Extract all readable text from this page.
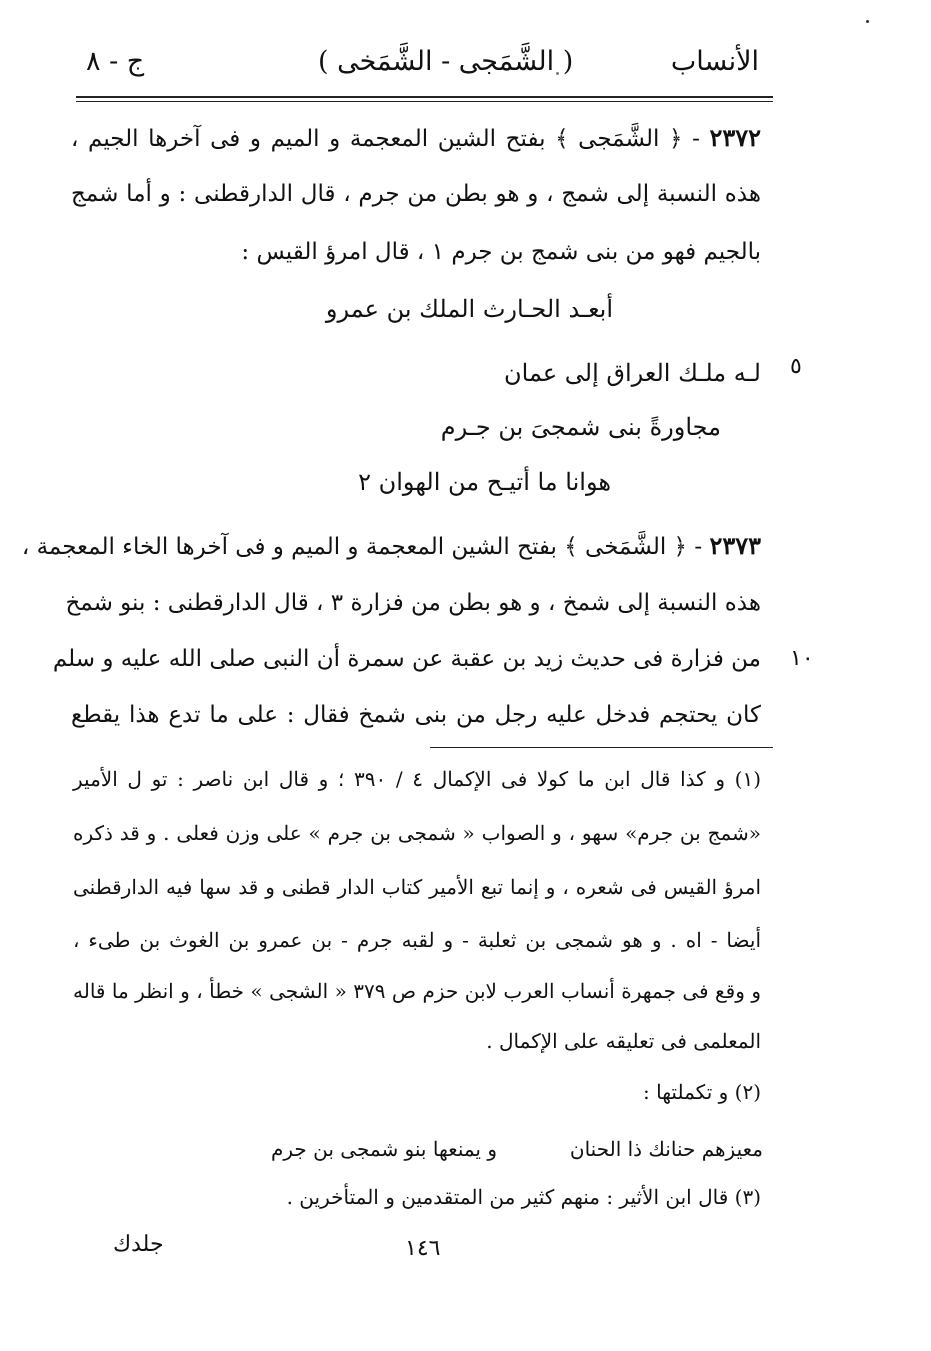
الأنساب
( الشَّمَجى - الشَّمَخى )
ج - ٨
٢٣٧٢ - ﴿ الشَّمَجى ﴾ بفتح الشين المعجمة و الميم و فى آخرها الجيم ،
هذه النسبة إلى شمج ، و هو بطن من جرم ، قال الدارقطنى : و أما شمج
بالجيم فهو من بنى شمج بن جرم ١ ، قال امرؤ القيس :
أبعـد الحـارث الملك بن عمرو
لـه ملـك العراق إلى عمان ٥
مجاورةً بنى شمجىَ بن جـرم
هوانا ما أتيـح من الهوان ٢
٢٣٧٣ - ﴿ الشَّمَخى ﴾ بفتح الشين المعجمة و الميم و فى آخرها الخاء المعجمة ،
هذه النسبة إلى شمخ ، و هو بطن من فزارة ٣ ، قال الدارقطنى : بنو شمخ
من فزارة فى حديث زيد بن عقبة عن سمرة أن النبى صلى الله عليه و سلم ١٠
كان يحتجم فدخل عليه رجل من بنى شمخ فقال : على ما تدع هذا يقطع
(١) و كذا قال ابن ما كولا فى الإكمال ٤ / ٣٩٠ ؛ و قال ابن ناصر : تو ل الأمير
«شمج بن جرم» سهو ، و الصواب « شمجى بن جرم » على وزن فعلى . و قد ذكره
امرؤ القيس فى شعره ، و إنما تبع الأمير كتاب الدار قطنى و قد سها فيه الدارقطنى
أيضا - اه . و هو شمجى بن ثعلبة - و لقبه جرم - بن عمرو بن الغوث بن طىء ،
و وقع فى جمهرة أنساب العرب لابن حزم ص ٣٧٩ « الشجى » خطأ ، و انظر ما قاله
المعلمى فى تعليقه على الإكمال .
(٢) و تكملتها :
و يمنعها بنو شمجى بن جرم	معيزهم حنانك ذا الحنان
(٣) قال ابن الأثير : منهم كثير من المتقدمين و المتأخرين .
١٤٦
جلدك
